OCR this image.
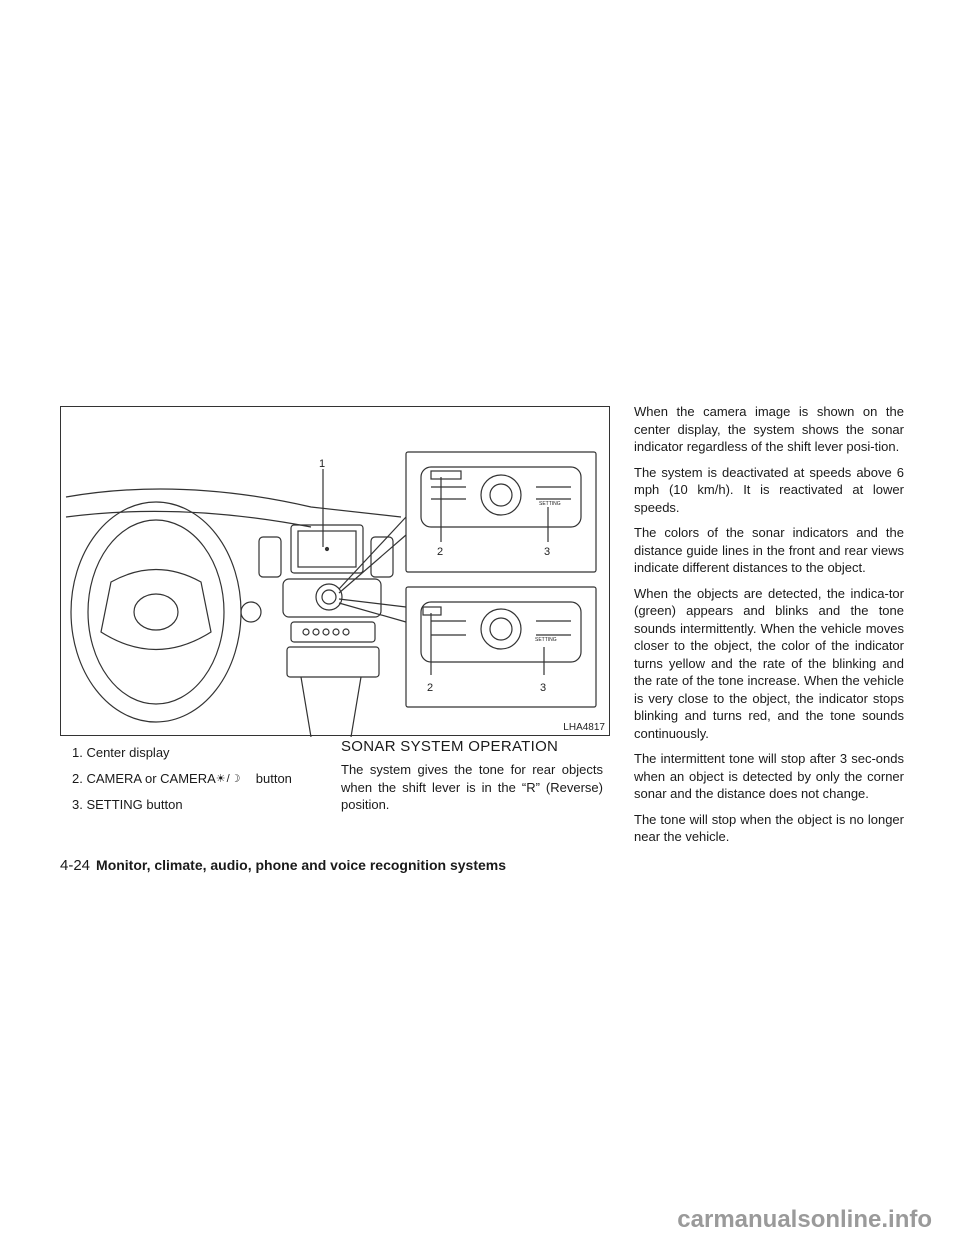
1
2	3
2	3
SETTING
SETTING
LHA4817
1. Center display
2. CAMERA or CAMERA☀/☽ button
3. SETTING button
SONAR SYSTEM OPERATION

The system gives the tone for rear objects when the shift lever is in the “R” (Reverse) position.

When the camera image is shown on the center display, the system shows the sonar indicator regardless of the shift lever posi-tion.

The system is deactivated at speeds above 6 mph (10 km/h). It is reactivated at lower speeds.

The colors of the sonar indicators and the distance guide lines in the front and rear views indicate different distances to the object.

When the objects are detected, the indica-tor (green) appears and blinks and the tone sounds intermittently. When the vehicle moves closer to the object, the color of the indicator turns yellow and the rate of the blinking and the rate of the tone increase. When the vehicle is very close to the object, the indicator stops blinking and turns red, and the tone sounds continuously.

The intermittent tone will stop after 3 sec-onds when an object is detected by only the corner sonar and the distance does not change.

The tone will stop when the object is no longer near the vehicle.

4-24 Monitor, climate, audio, phone and voice recognition systems
carmanualsonline.info
